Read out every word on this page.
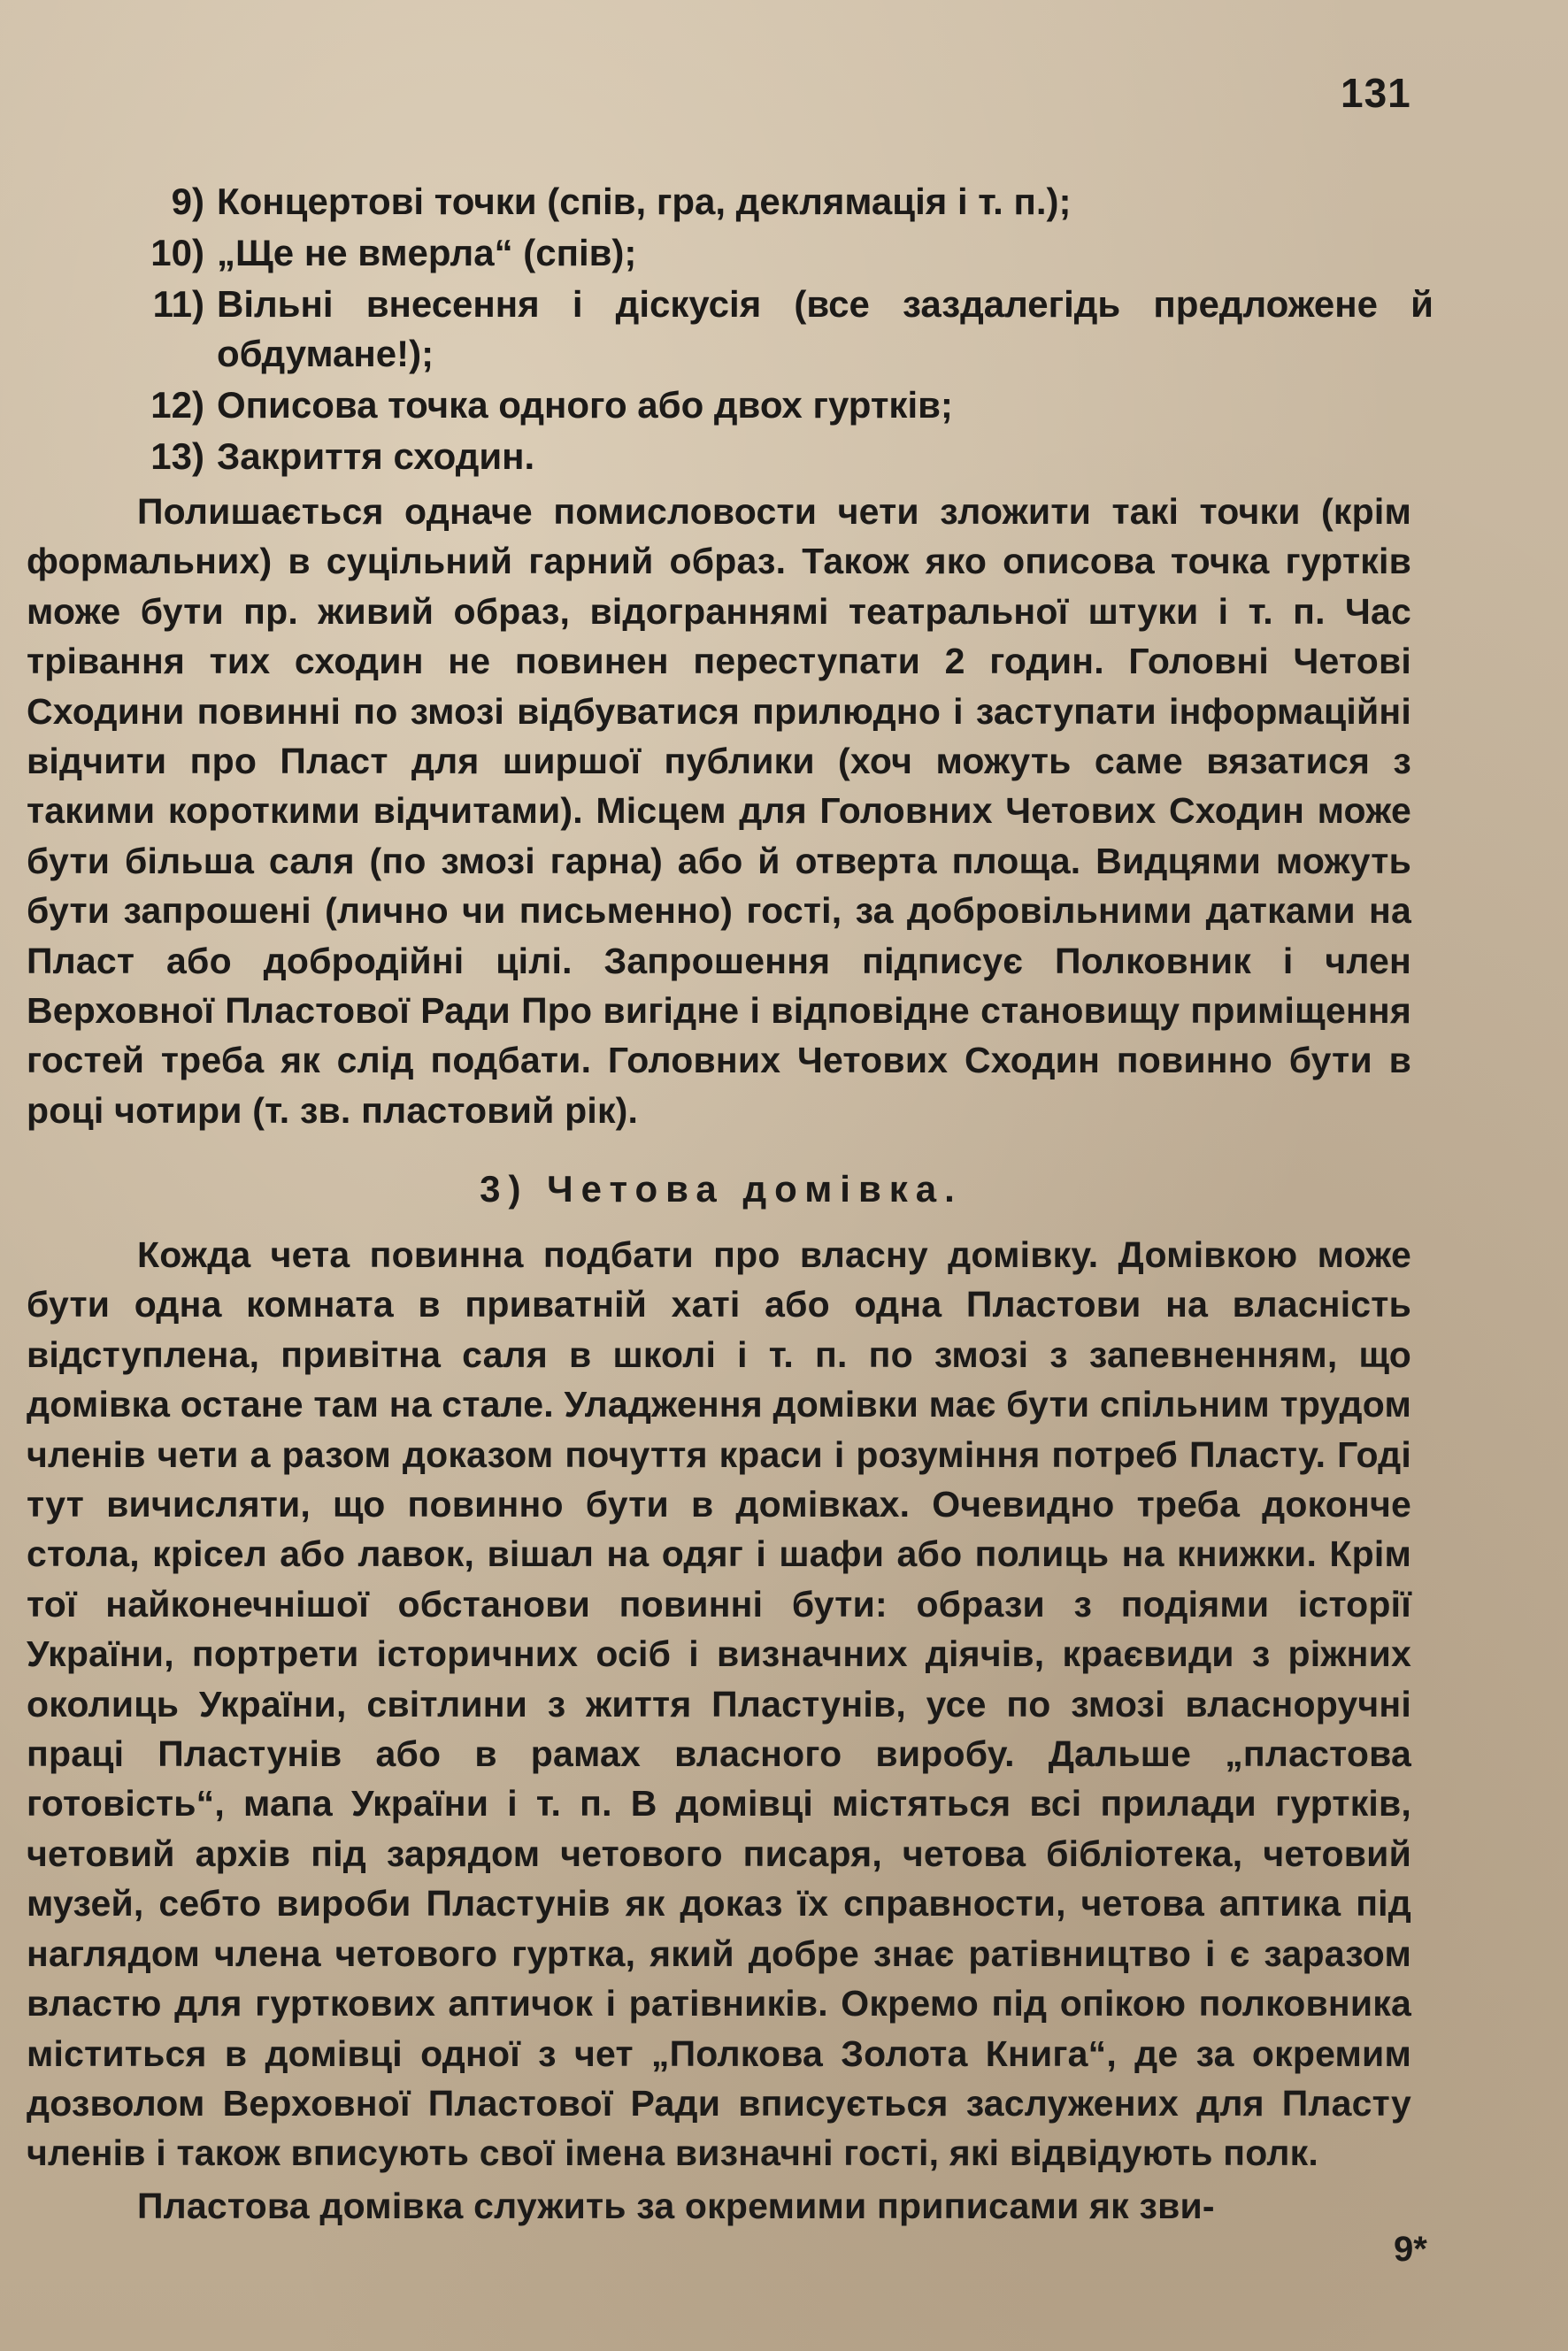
131
9) Концертові точки (спів, гра, деклямація і т. п.);
10) „Ще не вмерла“ (спів);
11) Вільні внесення і діскусія (все заздалегідь предложене й обдумане!);
12) Описова точка одного або двох гуртків;
13) Закриття сходин.

Полишається одначе помисловости чети зложити такі точки (крім формальних) в суцільний гарний образ. Також яко описова точка гуртків може бути пр. живий образ, відограннямі театральної штуки і т. п. Час трівання тих сходин не повинен переступати 2 годин. Головні Четові Сходини повинні по змозі відбуватися прилюдно і заступати інформаційні відчити про Пласт для ширшої публики (хоч можуть саме вязатися з такими короткими відчитами). Місцем для Головних Четових Сходин може бути більша саля (по змозі гарна) або й отверта площа. Видцями можуть бути запрошені (лично чи письменно) гості, за добровільними датками на Пласт або добродійні цілі. Запрошення підписує Полковник і член Верховної Пластової Ради Про вигідне і відповідне становищу приміщення гостей треба як слід подбати. Головних Четових Сходин повинно бути в році чотири (т. зв. пластовий рік).

3) Четова домівка.

Кожда чета повинна подбати про власну домівку. Домівкою може бути одна комната в приватній хаті або одна Пластови на власність відступлена, привітна саля в школі і т. п. по змозі з запевненням, що домівка остане там на стале. Уладження домівки має бути спільним трудом членів чети а разом доказом почуття краси і розуміння потреб Пласту. Годі тут вичисляти, що повинно бути в домівках. Очевидно треба доконче стола, крісел або лавок, вішал на одяг і шафи або полиць на книжки. Крім тої найконечнішої обстанови повинні бути: образи з подіями історії України, портрети історичних осіб і визначних діячів, краєвиди з ріжних околиць України, світлини з життя Пластунів, усе по змозі власноручні праці Пластунів або в рамах власного виробу. Дальше „пластова готовість“, мапа України і т. п. В домівці містяться всі прилади гуртків, четовий архів під зарядом четового писаря, четова бібліотека, четовий музей, себто вироби Пластунів як доказ їх справности, четова аптика під наглядом члена четового гуртка, який добре знає ратівництво і є заразом властю для гурткових аптичок і ратівників. Окремо під опікою полковника міститься в домівці одної з чет „Полкова Золота Книга“, де за окремим дозволом Верховної Пластової Ради вписується заслужених для Пласту членів і також вписують свої імена визначні гості, які відвідують полк.

Пластова домівка служить за окремими приписами як зви-

9*
